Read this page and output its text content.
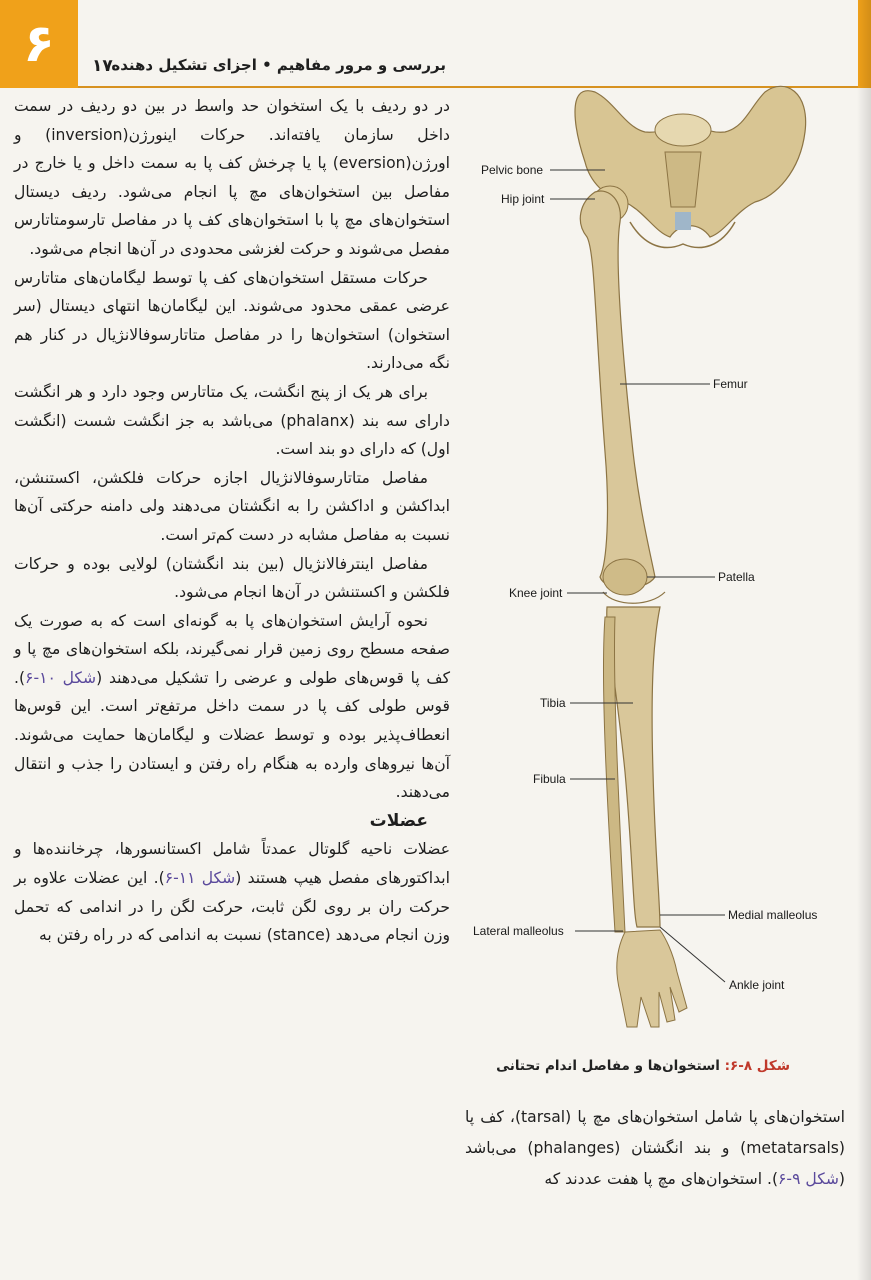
۶	بررسی و مرور مفاهیم • اجزای تشکیل دهنده
۱۷

در دو ردیف با یک استخوان حد واسط در بین دو ردیف در سمت داخل سازمان یافته‌اند. حرکات اینورژن(inversion) و اورژن(eversion) پا یا چرخش کف پا به سمت داخل و یا خارج در مفاصل بین استخوان‌های مچ پا انجام می‌شود. ردیف دیستال استخوان‌های مچ پا با استخوان‌های کف پا در مفاصل تارسومتاتارس مفصل می‌شوند و حرکت لغزشی محدودی در آن‌ها انجام می‌شود.

حرکات مستقل استخوان‌های کف پا توسط لیگامان‌های متاتارس عرضی عمقی محدود می‌شوند. این لیگامان‌ها انتهای دیستال (سر استخوان) استخوان‌ها را در مفاصل متاتارسوفالانژیال در کنار هم نگه می‌دارند.

برای هر یک از پنج انگشت، یک متاتارس وجود دارد و هر انگشت دارای سه بند (phalanx) می‌باشد به جز انگشت شست (انگشت اول) که دارای دو بند است.

مفاصل متاتارسوفالانژیال اجازه حرکات فلکشن، اکستنشن، ابداکشن و اداکشن را به انگشتان می‌دهند ولی دامنه حرکتی آن‌ها نسبت به مفاصل مشابه در دست کم‌تر است.

مفاصل اینترفالانژیال (بین بند انگشتان) لولایی بوده و حرکات فلکشن و اکستنشن در آن‌ها انجام می‌شود.

نحوه آرایش استخوان‌های پا به گونه‌ای است که به صورت یک صفحه مسطح روی زمین قرار نمی‌گیرند، بلکه استخوان‌های مچ پا و کف پا قوس‌های طولی و عرضی را تشکیل می‌دهند (شکل ۱۰-۶). قوس طولی کف پا در سمت داخل مرتفع‌تر است. این قوس‌ها انعطاف‌پذیر بوده و توسط عضلات و لیگامان‌ها حمایت می‌شوند. آن‌ها نیروهای وارده به هنگام راه رفتن و ایستادن را جذب و انتقال می‌دهند.

عضلات

عضلات ناحیه گلوتال عمدتاً شامل اکستانسورها، چرخاننده‌ها و ابداکتورهای مفصل هیپ هستند (شکل ۱۱-۶). این عضلات علاوه بر حرکت ران بر روی لگن ثابت، حرکت لگن را در اندامی که تحمل وزن انجام می‌دهد (stance) نسبت به اندامی که در راه رفتن به

Pelvic bone
Hip joint
Femur
Patella
Knee joint
Tibia
Fibula
Medial malleolus
Lateral malleolus
Ankle joint
شکل ۸-۶: استخوان‌ها و مفاصل اندام تحتانی
استخوان‌های پا شامل استخوان‌های مچ پا (tarsal)، کف پا (metatarsals) و بند انگشتان (phalanges) می‌باشد (شکل ۹-۶). استخوان‌های مچ پا هفت عددند که
